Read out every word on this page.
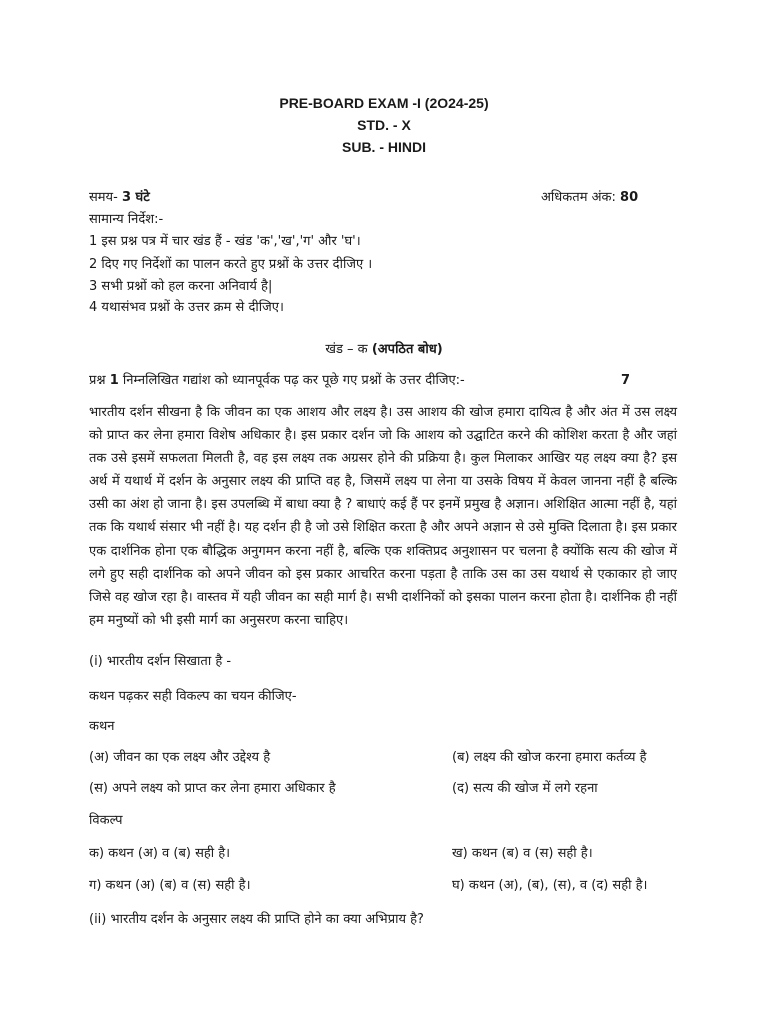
PRE-BOARD EXAM -I (2O24-25)
STD. - X
SUB. - HINDI
समय- 3 घंटे	अधिकतम अंक: 80
सामान्य निर्देश:-
1 इस प्रश्न पत्र में चार खंड हैं - खंड 'क','ख','ग' और 'घ'।
2 दिए गए निर्देशों का पालन करते हुए प्रश्नों के उत्तर दीजिए ।
3 सभी प्रश्नों को हल करना अनिवार्य है|
4 यथासंभव प्रश्नों के उत्तर क्रम से दीजिए।
खंड – क (अपठित बोध)
प्रश्न 1 निम्नलिखित गद्यांश को ध्यानपूर्वक पढ़ कर पूछे गए प्रश्नों के उत्तर दीजिए:-	7
भारतीय दर्शन सीखना है कि जीवन का एक आशय और लक्ष्य है। उस आशय की खोज हमारा दायित्व है और अंत में उस लक्ष्य को प्राप्त कर लेना हमारा विशेष अधिकार है। इस प्रकार दर्शन जो कि आशय को उद्घाटित करने की कोशिश करता है और जहां तक उसे इसमें सफलता मिलती है, वह इस लक्ष्य तक अग्रसर होने की प्रक्रिया है। कुल मिलाकर आखिर यह लक्ष्य क्या है? इस अर्थ में यथार्थ में दर्शन के अनुसार लक्ष्य की प्राप्ति वह है, जिसमें लक्ष्य पा लेना या उसके विषय में केवल जानना नहीं है बल्कि उसी का अंश हो जाना है। इस उपलब्धि में बाधा क्या है ? बाधाएं कई हैं पर इनमें प्रमुख है अज्ञान। अशिक्षित आत्मा नहीं है, यहां तक कि यथार्थ संसार भी नहीं है। यह दर्शन ही है जो उसे शिक्षित करता है और अपने अज्ञान से उसे मुक्ति दिलाता है। इस प्रकार एक दार्शनिक होना एक बौद्धिक अनुगमन करना नहीं है, बल्कि एक शक्तिप्रद अनुशासन पर चलना है क्योंकि सत्य की खोज में लगे हुए सही दार्शनिक को अपने जीवन को इस प्रकार आचरित करना पड़ता है ताकि उस का उस यथार्थ से एकाकार हो जाए जिसे वह खोज रहा है। वास्तव में यही जीवन का सही मार्ग है। सभी दार्शनिकों को इसका पालन करना होता है। दार्शनिक ही नहीं हम मनुष्यों को भी इसी मार्ग का अनुसरण करना चाहिए।
(i) भारतीय दर्शन सिखाता है -
कथन पढ़कर सही विकल्प का चयन कीजिए-
कथन
(अ) जीवन का एक लक्ष्य और उद्देश्य है	(ब) लक्ष्य की खोज करना हमारा कर्तव्य है
(स) अपने लक्ष्य को प्राप्त कर लेना हमारा अधिकार है	(द) सत्य की खोज में लगे रहना
विकल्प
क) कथन (अ) व (ब) सही है।	ख) कथन (ब) व (स) सही है।
ग) कथन (अ) (ब) व (स) सही है।	घ) कथन (अ), (ब), (स), व (द) सही है।
(ii) भारतीय दर्शन के अनुसार लक्ष्य की प्राप्ति होने का क्या अभिप्राय है?
